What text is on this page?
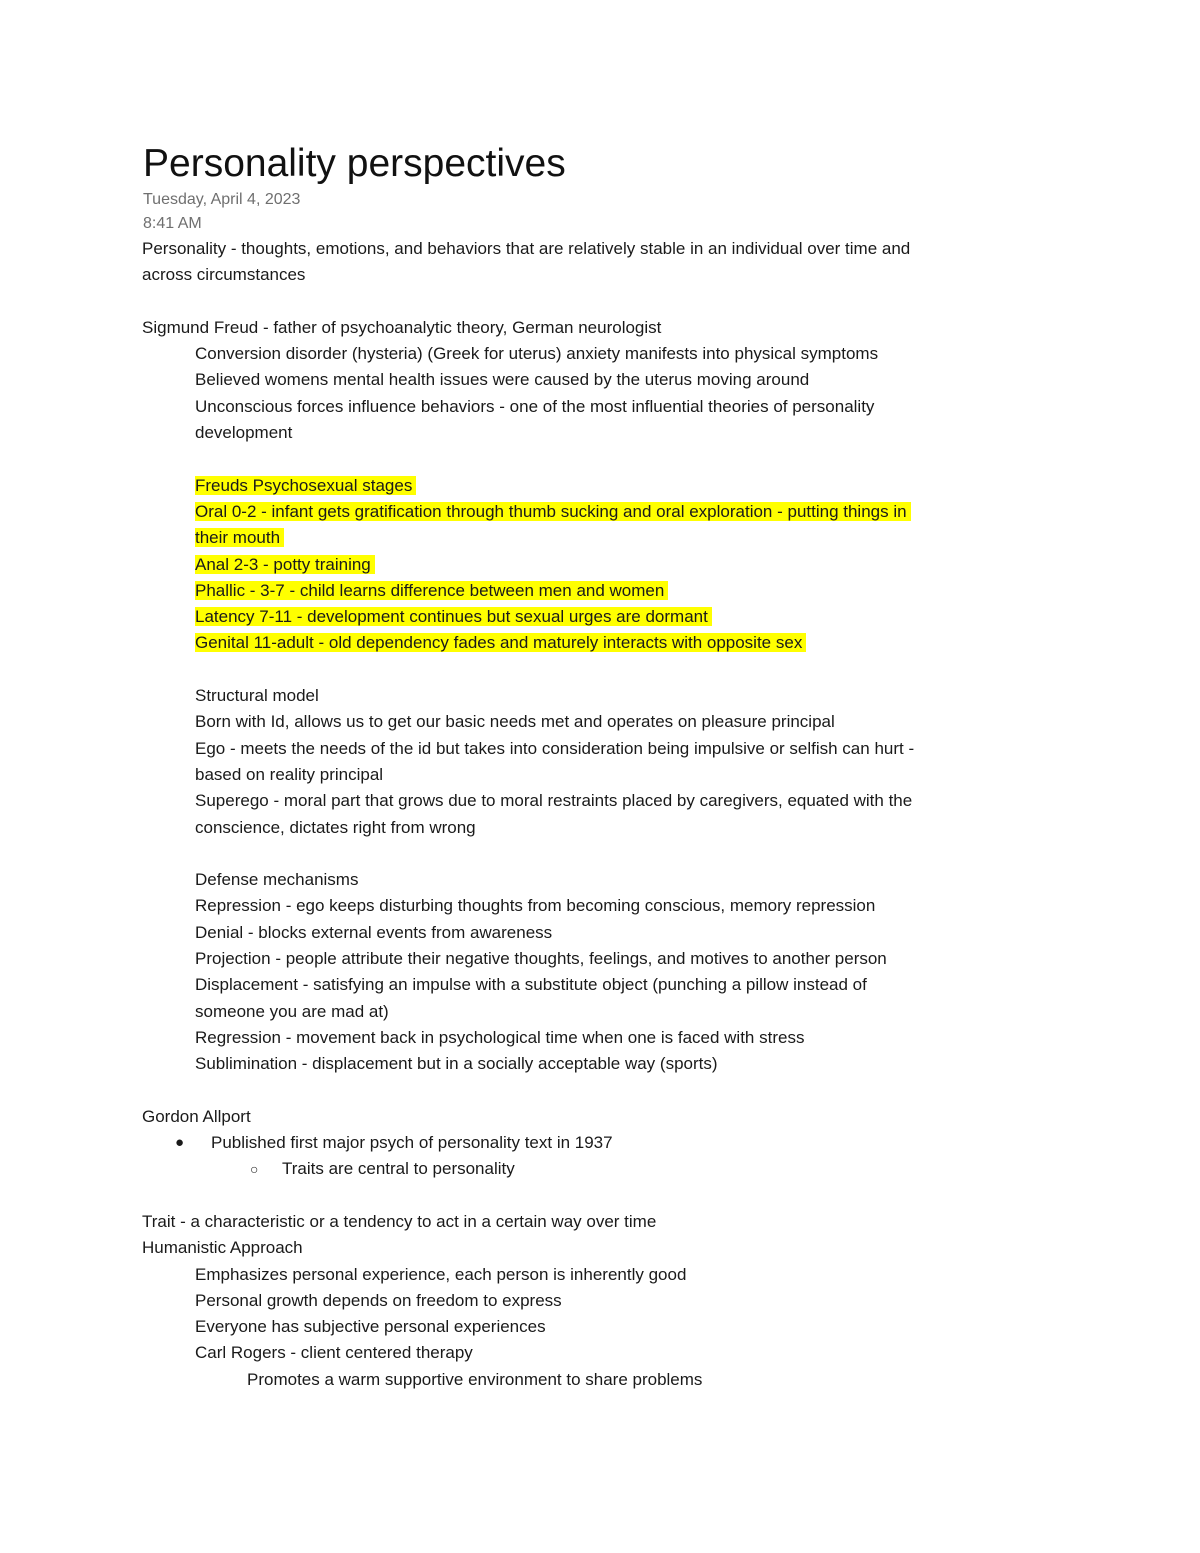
Personality perspectives
Tuesday, April 4, 2023
8:41 AM
Personality - thoughts, emotions, and behaviors that are relatively stable in an individual over time and
across circumstances
Sigmund Freud - father of psychoanalytic theory, German neurologist
Conversion disorder (hysteria) (Greek for uterus) anxiety manifests into physical symptoms
Believed womens mental health issues were caused by the uterus moving around
Unconscious forces influence behaviors - one of the most influential theories of personality
development
Freuds Psychosexual stages
Oral 0-2 - infant gets gratification through thumb sucking and oral exploration - putting things in
their mouth
Anal 2-3 - potty training
Phallic - 3-7 - child learns difference between men and women
Latency 7-11 - development continues but sexual urges are dormant
Genital 11-adult - old dependency fades and maturely interacts with opposite sex
Structural model
Born with Id, allows us to get our basic needs met and operates on pleasure principal
Ego - meets the needs of the id but takes into consideration being impulsive or selfish can hurt -
based on reality principal
Superego - moral part that grows due to moral restraints placed by caregivers, equated with the
conscience, dictates right from wrong
Defense mechanisms
Repression - ego keeps disturbing thoughts from becoming conscious, memory repression
Denial - blocks external events from awareness
Projection - people attribute their negative thoughts, feelings, and motives to another person
Displacement - satisfying an impulse with a substitute object (punching a pillow instead of
someone you are mad at)
Regression - movement back in psychological time when one is faced with stress
Sublimination - displacement but in a socially acceptable way (sports)
Gordon Allport
● Published first major psych of personality text in 1937
○ Traits are central to personality
Trait - a characteristic or a tendency to act in a certain way over time
Humanistic Approach
Emphasizes personal experience, each person is inherently good
Personal growth depends on freedom to express
Everyone has subjective personal experiences
Carl Rogers - client centered therapy
Promotes a warm supportive environment to share problems
